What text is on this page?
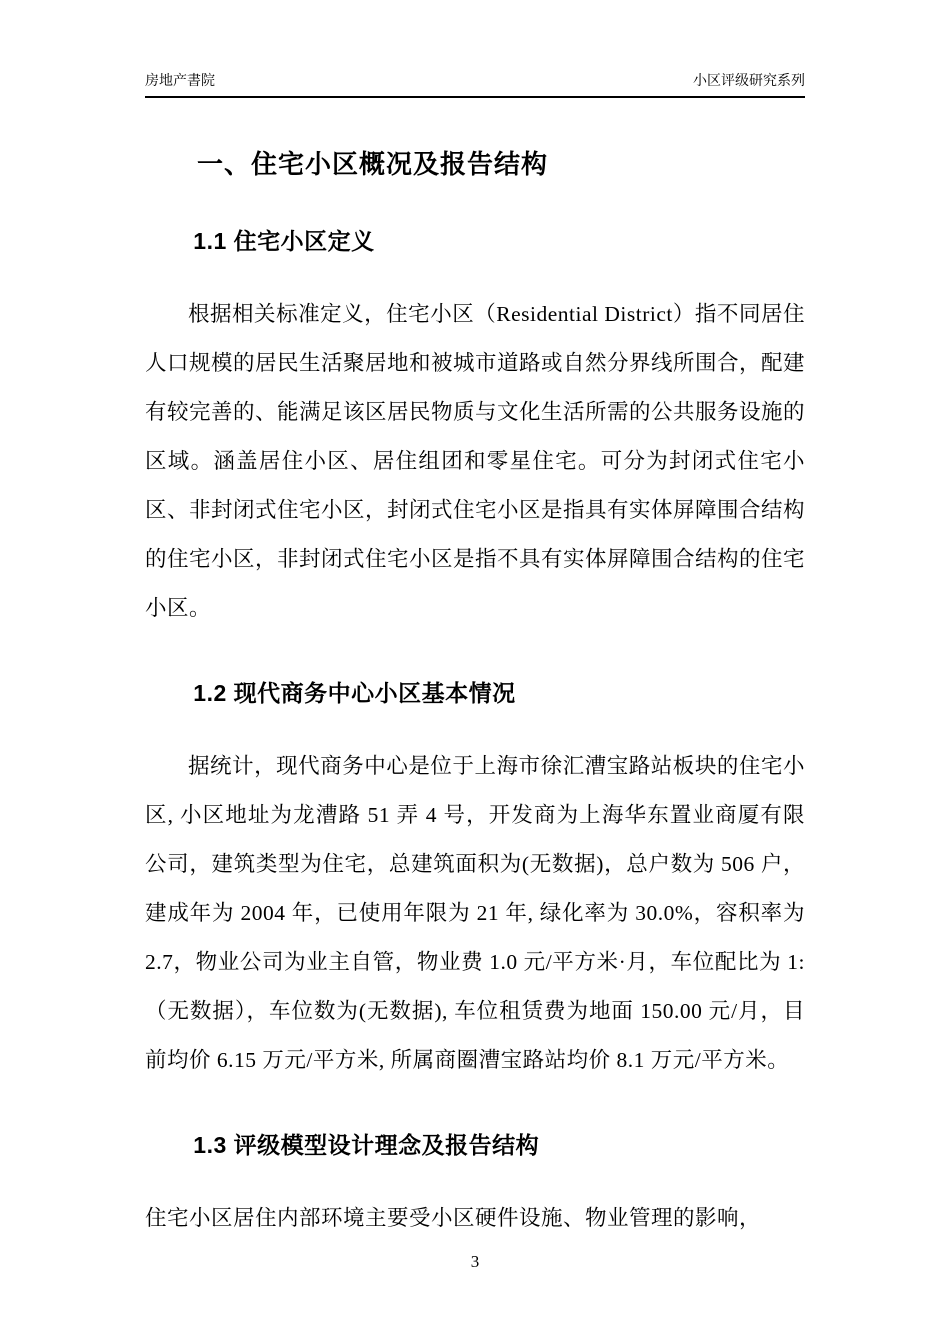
房地产書院	小区评级研究系列
一、住宅小区概况及报告结构
1.1 住宅小区定义

根据相关标准定义，住宅小区（Residential District）指不同居住人口规模的居民生活聚居地和被城市道路或自然分界线所围合，配建有较完善的、能满足该区居民物质与文化生活所需的公共服务设施的区域。涵盖居住小区、居住组团和零星住宅。可分为封闭式住宅小区、非封闭式住宅小区，封闭式住宅小区是指具有实体屏障围合结构的住宅小区，非封闭式住宅小区是指不具有实体屏障围合结构的住宅小区。

1.2 现代商务中心小区基本情况

据统计，现代商务中心是位于上海市徐汇漕宝路站板块的住宅小区, 小区地址为龙漕路 51 弄 4 号，开发商为上海华东置业商厦有限公司，建筑类型为住宅，总建筑面积为(无数据)，总户数为 506 户，建成年为 2004 年，已使用年限为 21 年, 绿化率为 30.0%，容积率为 2.7，物业公司为业主自管，物业费 1.0 元/平方米·月，车位配比为 1:（无数据），车位数为(无数据), 车位租赁费为地面 150.00 元/月，目前均价 6.15 万元/平方米, 所属商圈漕宝路站均价 8.1 万元/平方米。

1.3 评级模型设计理念及报告结构

住宅小区居住内部环境主要受小区硬件设施、物业管理的影响，

3
